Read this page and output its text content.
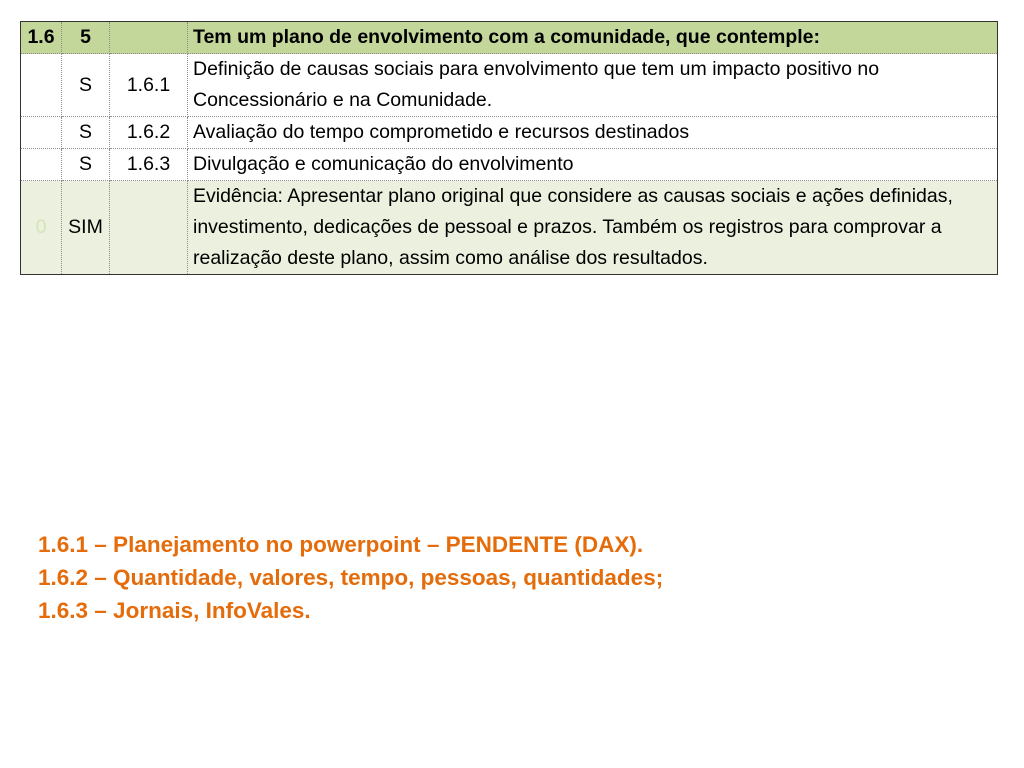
1.6	5		Tem um plano de envolvimento com a comunidade, que contemple:
	S	1.6.1	Definição de causas sociais para envolvimento que tem um impacto positivo no Concessionário e na Comunidade.
	S	1.6.2	Avaliação do tempo comprometido e recursos destinados
	S	1.6.3	Divulgação e comunicação do envolvimento
0	SIM		Evidência: Apresentar plano original que considere as causas sociais e ações definidas, investimento, dedicações de pessoal e prazos. Também os registros para comprovar a realização deste plano, assim como análise dos resultados.
1.6.1 – Planejamento no powerpoint – PENDENTE (DAX).
1.6.2 – Quantidade, valores, tempo, pessoas, quantidades;
1.6.3 – Jornais, InfoVales.
